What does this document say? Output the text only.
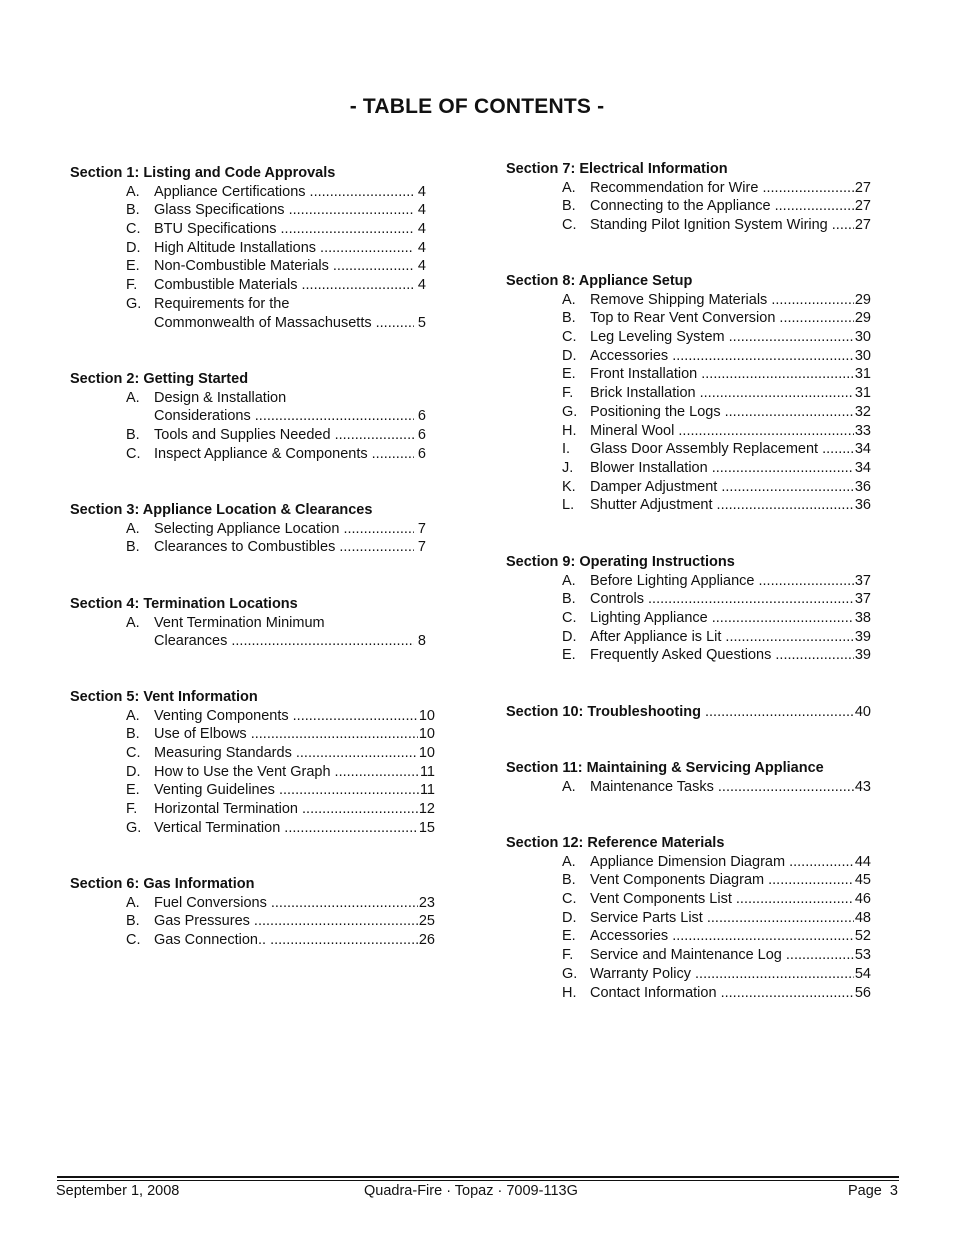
- TABLE OF CONTENTS -
Section 1: Listing and Code Approvals
A. Appliance Certifications .....	4
B. Glass Specifications .....	4
C. BTU Specifications .....	4
D. High Altitude Installations .....	4
E. Non-Combustible Materials .....	4
F. Combustible Materials .....	4
G. Requirements for the
Commonwealth of Massachusetts .....	5
Section 2: Getting Started
A. Design & Installation
Considerations .....	6
B. Tools and Supplies Needed .....	6
C. Inspect Appliance & Components .....	6
Section 3: Appliance Location & Clearances
A. Selecting Appliance Location .....	7
B. Clearances to Combustibles .....	7
Section 4: Termination Locations
A. Vent Termination Minimum
Clearances .....	8
Section 5: Vent Information
A. Venting Components .....	10
B. Use of Elbows .....	10
C. Measuring Standards .....	10
D. How to Use the Vent Graph .....	11
E. Venting Guidelines .....	11
F. Horizontal Termination .....	12
G. Vertical Termination .....	15
Section 6: Gas Information
A. Fuel Conversions .....	23
B. Gas Pressures .....	25
C. Gas Connection.. .....	26
Section 7: Electrical Information
A. Recommendation for Wire .....	27
B. Connecting to the Appliance .....	27
C. Standing Pilot Ignition System Wiring .....	27
Section 8: Appliance Setup
A. Remove Shipping Materials .....	29
B. Top to Rear Vent Conversion .....	29
C. Leg Leveling System .....	30
D. Accessories .....	30
E. Front Installation .....	31
F. Brick Installation .....	31
G. Positioning the Logs .....	32
H. Mineral Wool .....	33
I. Glass Door Assembly Replacement .....	34
J. Blower Installation .....	34
K. Damper Adjustment .....	36
L. Shutter Adjustment .....	36
Section 9: Operating Instructions
A. Before Lighting Appliance .....	37
B. Controls .....	37
C. Lighting Appliance .....	38
D. After Appliance is Lit .....	39
E. Frequently Asked Questions .....	39
Section 10: Troubleshooting .....	40
Section 11: Maintaining & Servicing Appliance
A. Maintenance Tasks .....	43
Section 12: Reference Materials
A. Appliance Dimension Diagram .....	44
B. Vent Components Diagram .....	45
C. Vent Components List .....	46
D. Service Parts List .....	48
E. Accessories .....	52
F. Service and Maintenance Log .....	53
G. Warranty Policy .....	54
H. Contact Information .....	56
September 1, 2008	Quadra-Fire · Topaz · 7009-113G	Page  3
